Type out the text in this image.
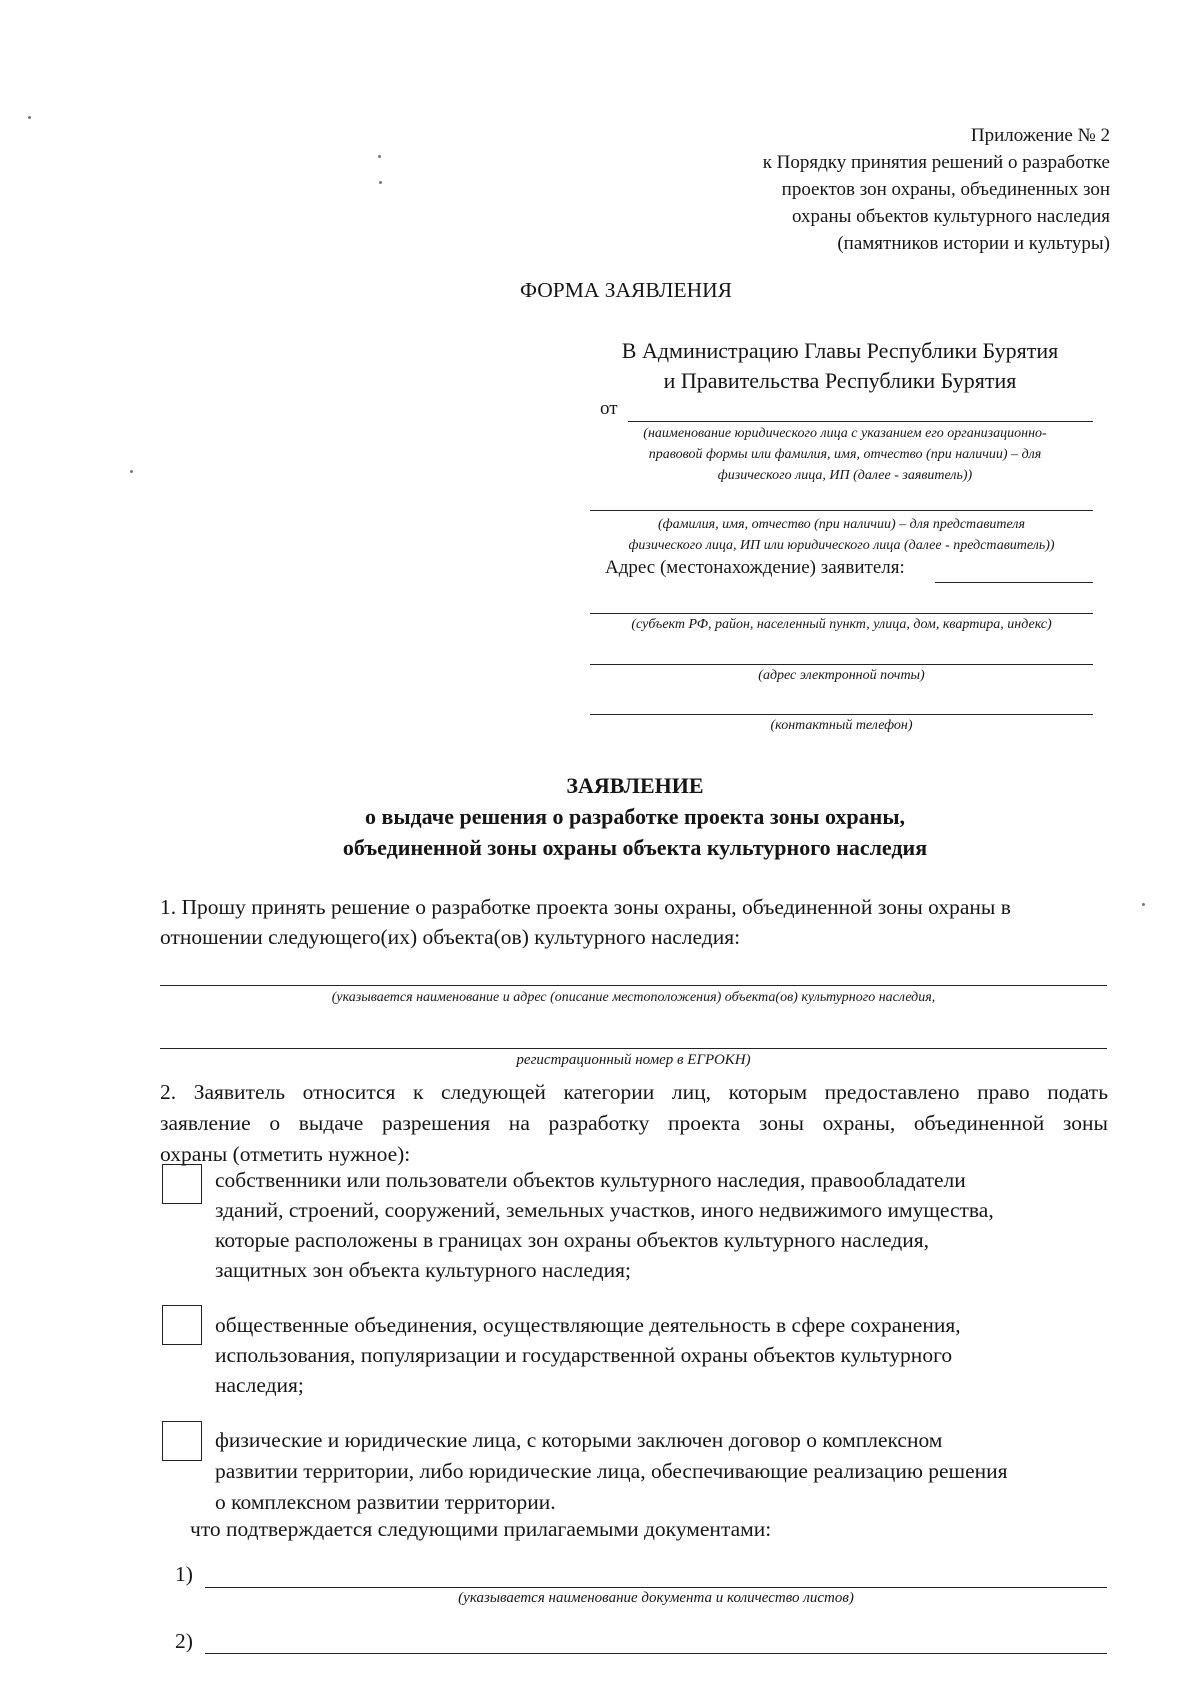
Приложение № 2
к Порядку принятия решений о разработке
проектов зон охраны, объединенных зон
охраны объектов культурного наследия
(памятников истории и культуры)
ФОРМА ЗАЯВЛЕНИЯ
В Администрацию Главы Республики Бурятия
и Правительства Республики Бурятия
от
(наименование юридического лица с указанием его организационно-
правовой формы или фамилия, имя, отчество (при наличии) – для
физического лица, ИП (далее - заявитель))
(фамилия, имя, отчество (при наличии) – для представителя
физического лица, ИП или юридического лица (далее - представитель))
Адрес (местонахождение) заявителя:
(субъект РФ, район, населенный пункт, улица, дом, квартира, индекс)
(адрес электронной почты)
(контактный телефон)
ЗАЯВЛЕНИЕ
о выдаче решения о разработке проекта зоны охраны,
объединенной зоны охраны объекта культурного наследия
1. Прошу принять решение о разработке проекта зоны охраны, объединенной зоны охраны в
отношении следующего(их) объекта(ов) культурного наследия:
(указывается наименование и адрес (описание местоположения) объекта(ов) культурного наследия,
регистрационный номер в ЕГРОКН)
2. Заявитель относится к следующей категории лиц, которым предоставлено право подать
заявление о выдаче разрешения на разработку проекта зоны охраны, объединенной зоны
охраны (отметить нужное):
собственники или пользователи объектов культурного наследия, правообладатели
зданий, строений, сооружений, земельных участков, иного недвижимого имущества,
которые расположены в границах зон охраны объектов культурного наследия,
защитных зон объекта культурного наследия;
общественные объединения, осуществляющие деятельность в сфере сохранения,
использования, популяризации и государственной охраны объектов культурного
наследия;
физические и юридические лица, с которыми заключен договор о комплексном
развитии территории, либо юридические лица, обеспечивающие реализацию решения
о комплексном развитии территории.
что подтверждается следующими прилагаемыми документами:
1)
(указывается наименование документа и количество листов)
2)
